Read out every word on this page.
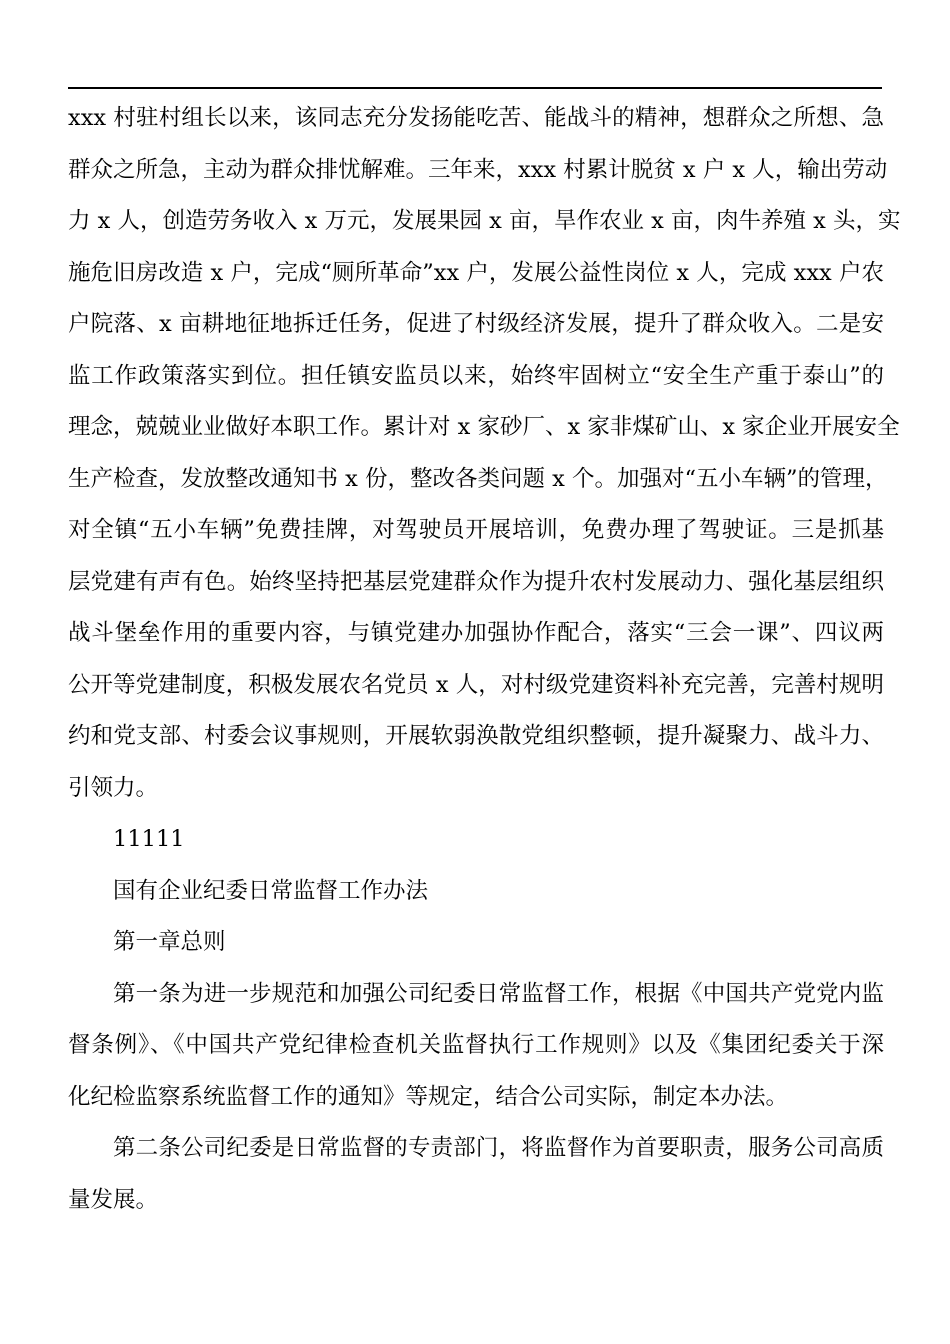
xxx 村驻村组长以来，该同志充分发扬能吃苦、能战斗的精神，想群众之所想、急
群众之所急，主动为群众排忧解难。三年来，xxx 村累计脱贫 x 户 x 人，输出劳动
力 x 人，创造劳务收入 x 万元，发展果园 x 亩，旱作农业 x 亩，肉牛养殖 x 头，实
施危旧房改造 x 户，完成“厕所革命”xx 户，发展公益性岗位 x 人，完成 xxx 户农
户院落、x 亩耕地征地拆迁任务，促进了村级经济发展，提升了群众收入。二是安
监工作政策落实到位。担任镇安监员以来，始终牢固树立“安全生产重于泰山”的
理念，兢兢业业做好本职工作。累计对 x 家砂厂、x 家非煤矿山、x 家企业开展安全
生产检查，发放整改通知书 x 份，整改各类问题 x 个。加强对“五小车辆”的管理，
对全镇“五小车辆”免费挂牌，对驾驶员开展培训，免费办理了驾驶证。三是抓基
层党建有声有色。始终坚持把基层党建群众作为提升农村发展动力、强化基层组织
战斗堡垒作用的重要内容，与镇党建办加强协作配合，落实“三会一课”、四议两
公开等党建制度，积极发展农名党员 x 人，对村级党建资料补充完善，完善村规明
约和党支部、村委会议事规则，开展软弱涣散党组织整顿，提升凝聚力、战斗力、
引领力。
11111
国有企业纪委日常监督工作办法
第一章总则
第一条为进一步规范和加强公司纪委日常监督工作，根据《中国共产党党内监
督条例》、《中国共产党纪律检查机关监督执行工作规则》以及《集团纪委关于深
化纪检监察系统监督工作的通知》等规定，结合公司实际，制定本办法。
第二条公司纪委是日常监督的专责部门，将监督作为首要职责，服务公司高质
量发展。
